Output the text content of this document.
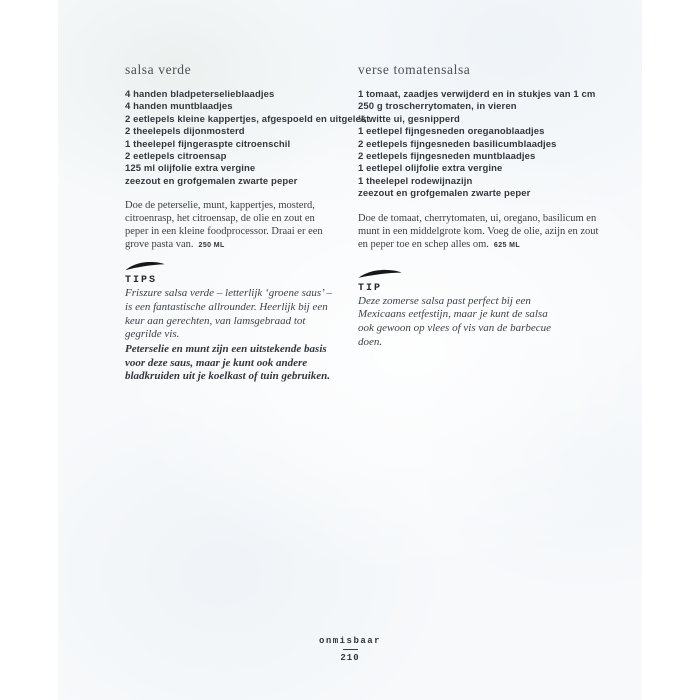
salsa verde
4 handen bladpeterselieblaadjes
4 handen muntblaadjes
2 eetlepels kleine kappertjes, afgespoeld en uitgelekt
2 theelepels dijonmosterd
1 theelepel fijngeraspte citroenschil
2 eetlepels citroensap
125 ml olijfolie extra vergine
zeezout en grofgemalen zwarte peper

Doe de peterselie, munt, kappertjes, mosterd, citroenrasp, het citroensap, de olie en zout en peper in een kleine foodprocessor. Draai er een grove pasta van. 250 ML

TIPS

Friszure salsa verde – letterlijk ‘groene saus’ – is een fantastische allrounder. Heerlijk bij een keur aan gerechten, van lamsgebraad tot gegrilde vis.

Peterselie en munt zijn een uitstekende basis voor deze saus, maar je kunt ook andere bladkruiden uit je koelkast of tuin gebruiken.

verse tomatensalsa
1 tomaat, zaadjes verwijderd en in stukjes van 1 cm
250 g troscherrytomaten, in vieren
¼ witte ui, gesnipperd
1 eetlepel fijngesneden oreganoblaadjes
2 eetlepels fijngesneden basilicumblaadjes
2 eetlepels fijngesneden muntblaadjes
1 eetlepel olijfolie extra vergine
1 theelepel rodewijnazijn
zeezout en grofgemalen zwarte peper

Doe de tomaat, cherrytomaten, ui, oregano, basilicum en munt in een middelgrote kom. Voeg de olie, azijn en zout en peper toe en schep alles om. 625 ML

TIP

Deze zomerse salsa past perfect bij een Mexicaans eetfestijn, maar je kunt de salsa ook gewoon op vlees of vis van de barbecue doen.

onmisbaar
210
